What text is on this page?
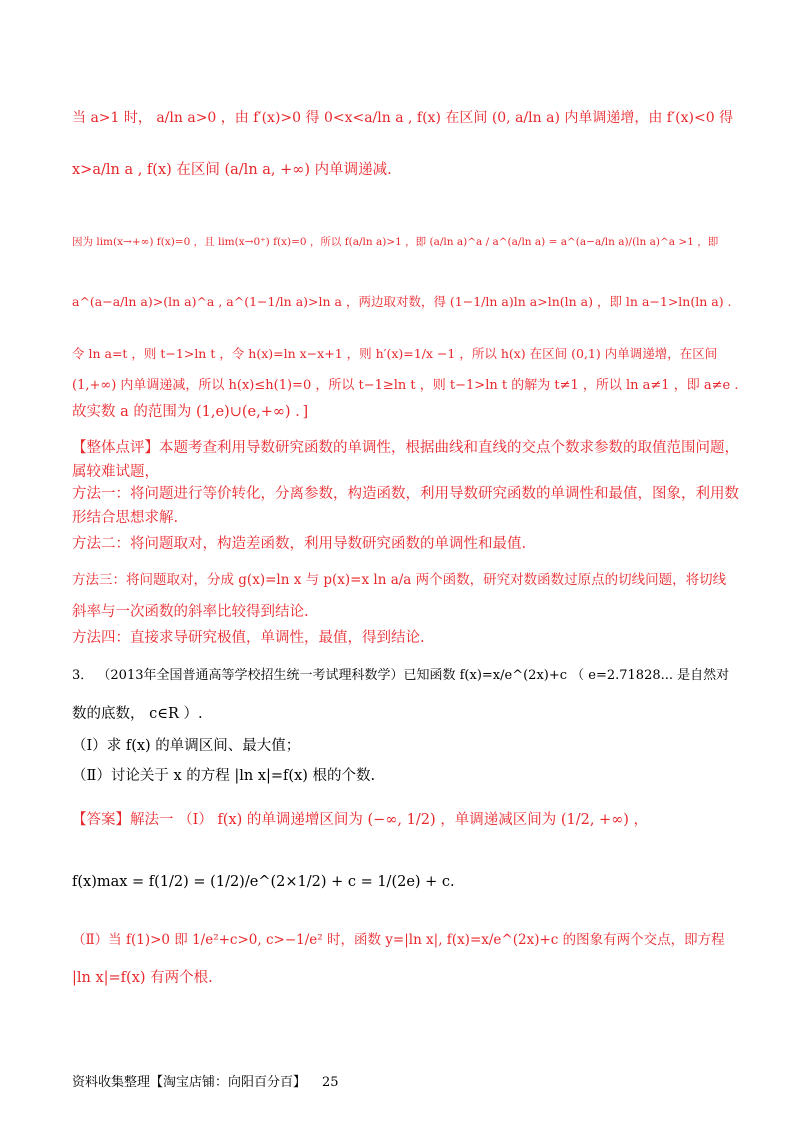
当 a>1 时， a/ln a>0 ，由 f′(x)>0 得 0<x<a/ln a , f(x) 在区间 (0, a/ln a) 内单调递增，由 f′(x)<0 得
x>a/ln a , f(x) 在区间 (a/ln a, +∞) 内单调递减.
因为 lim(x→+∞) f(x)=0 ，且 lim(x→0⁺) f(x)=0 ，所以 f(a/ln a)>1 ，即 (a/ln a)^a / a^(a/ln a) = a^(a−a/ln a)/(ln a)^a >1 ，即
a^(a−a/ln a)>(ln a)^a , a^(1−1/ln a)>ln a ，两边取对数，得 (1−1/ln a)ln a>ln(ln a) ，即 ln a−1>ln(ln a) .
令 ln a=t ，则 t−1>ln t ，令 h(x)=ln x−x+1 ，则 h′(x)=1/x −1 ，所以 h(x) 在区间 (0,1) 内单调递增，在区间
(1,+∞) 内单调递减，所以 h(x)≤h(1)=0 ，所以 t−1≥ln t ，则 t−1>ln t 的解为 t≠1 ，所以 ln a≠1 ，即 a≠e .
故实数 a 的范围为 (1,e)∪(e,+∞) ．]
【整体点评】本题考查利用导数研究函数的单调性，根据曲线和直线的交点个数求参数的取值范围问题，
属较难试题，
方法一：将问题进行等价转化，分离参数，构造函数，利用导数研究函数的单调性和最值，图象，利用数
形结合思想求解.
方法二：将问题取对，构造差函数，利用导数研究函数的单调性和最值.
方法三：将问题取对，分成 g(x)=ln x 与 p(x)=x ln a/a 两个函数，研究对数函数过原点的切线问题，将切线
斜率与一次函数的斜率比较得到结论.
方法四：直接求导研究极值，单调性，最值，得到结论.
3． （2013年全国普通高等学校招生统一考试理科数学）已知函数 f(x)=x/e^(2x)+c （ e=2.71828... 是自然对
数的底数， c∈R ）.
（Ⅰ）求 f(x) 的单调区间、最大值；
（Ⅱ）讨论关于 x 的方程 |ln x|=f(x) 根的个数.
【答案】解法一 （Ⅰ） f(x) 的单调递增区间为 (−∞, 1/2) ，单调递减区间为 (1/2, +∞) ，
f(x)max = f(1/2) = (1/2)/e^(2×1/2) + c = 1/(2e) + c.
（Ⅱ）当 f(1)>0 即 1/e²+c>0, c>−1/e² 时，函数 y=|ln x|, f(x)=x/e^(2x)+c 的图象有两个交点，即方程
|ln x|=f(x) 有两个根.
资料收集整理【淘宝店铺：向阳百分百】 25
